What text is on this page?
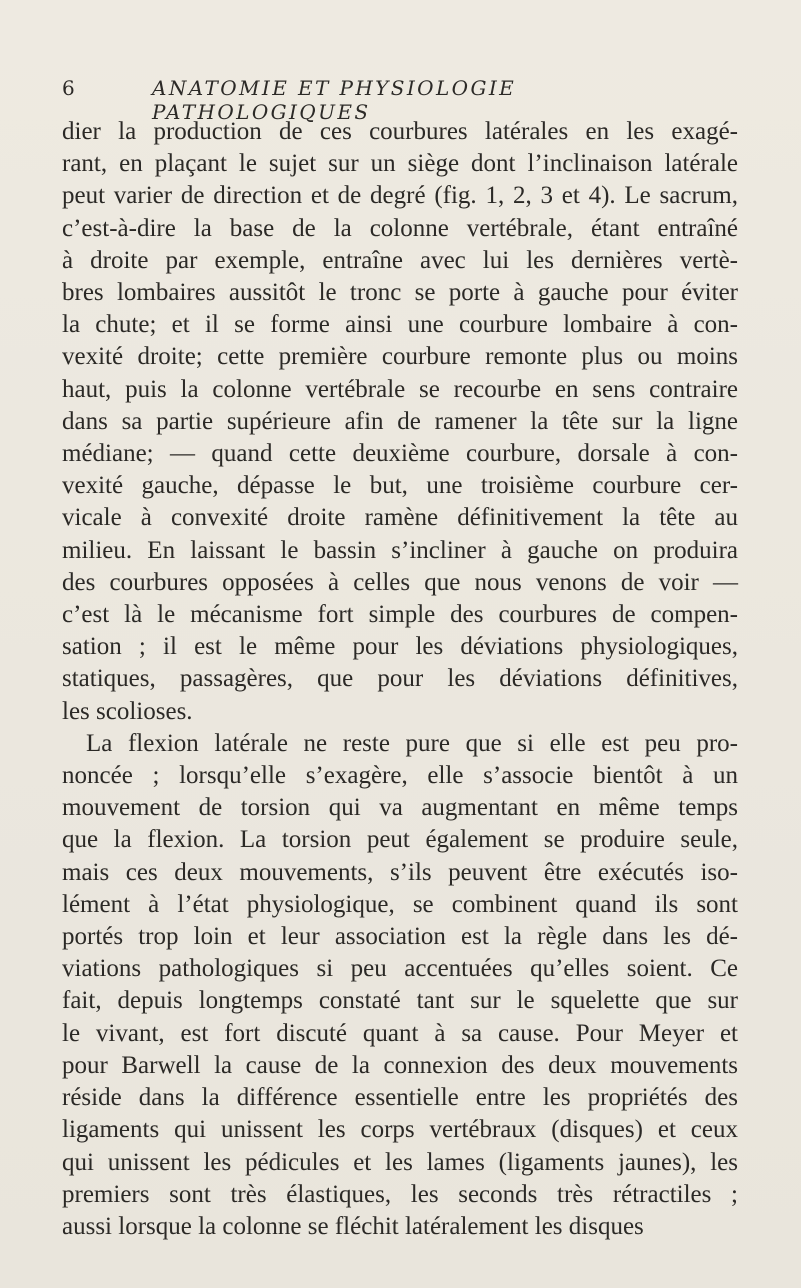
6	ANATOMIE ET PHYSIOLOGIE PATHOLOGIQUES
dier la production de ces courbures latérales en les exagé-
rant, en plaçant le sujet sur un siège dont l’inclinaison latérale
peut varier de direction et de degré (fig. 1, 2, 3 et 4). Le sacrum,
c’est-à-dire la base de la colonne vertébrale, étant entraîné
à droite par exemple, entraîne avec lui les dernières vertè-
bres lombaires aussitôt le tronc se porte à gauche pour éviter
la chute; et il se forme ainsi une courbure lombaire à con-
vexité droite; cette première courbure remonte plus ou moins
haut, puis la colonne vertébrale se recourbe en sens contraire
dans sa partie supérieure afin de ramener la tête sur la ligne
médiane; — quand cette deuxième courbure, dorsale à con-
vexité gauche, dépasse le but, une troisième courbure cer-
vicale à convexité droite ramène définitivement la tête au
milieu. En laissant le bassin s’incliner à gauche on produira
des courbures opposées à celles que nous venons de voir —
c’est là le mécanisme fort simple des courbures de compen-
sation ; il est le même pour les déviations physiologiques,
statiques, passagères, que pour les déviations définitives,
les scolioses.
La flexion latérale ne reste pure que si elle est peu pro-
noncée ; lorsqu’elle s’exagère, elle s’associe bientôt à un
mouvement de torsion qui va augmentant en même temps
que la flexion. La torsion peut également se produire seule,
mais ces deux mouvements, s’ils peuvent être exécutés iso-
lément à l’état physiologique, se combinent quand ils sont
portés trop loin et leur association est la règle dans les dé-
viations pathologiques si peu accentuées qu’elles soient. Ce
fait, depuis longtemps constaté tant sur le squelette que sur
le vivant, est fort discuté quant à sa cause. Pour Meyer et
pour Barwell la cause de la connexion des deux mouvements
réside dans la différence essentielle entre les propriétés des
ligaments qui unissent les corps vertébraux (disques) et ceux
qui unissent les pédicules et les lames (ligaments jaunes), les
premiers sont très élastiques, les seconds très rétractiles ;
aussi lorsque la colonne se fléchit latéralement les disques
